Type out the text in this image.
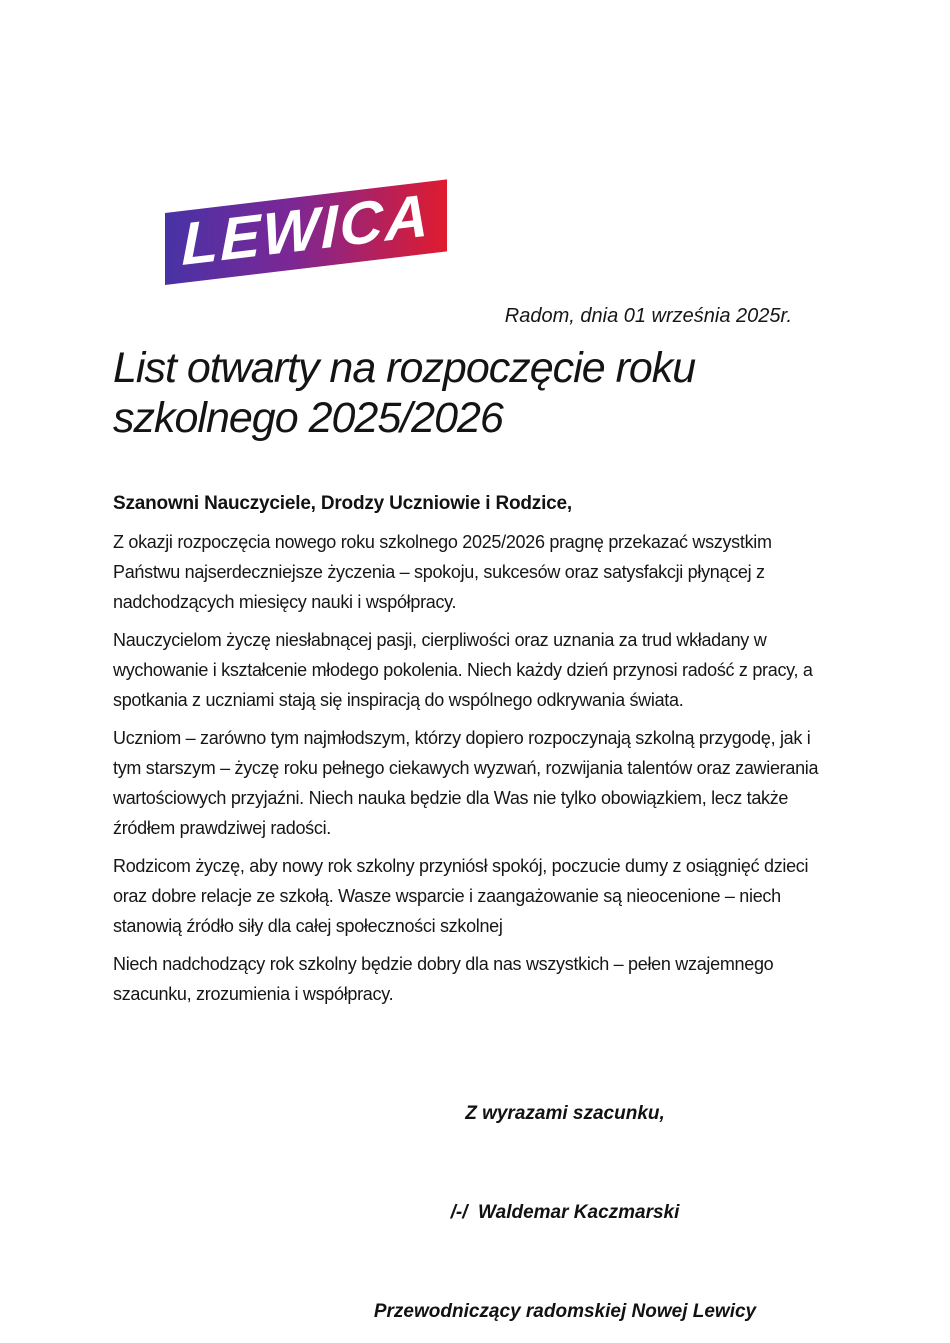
LEWICA
Radom, dnia 01 września 2025r.
List otwarty na rozpoczęcie roku szkolnego 2025/2026
Szanowni Nauczyciele, Drodzy Uczniowie i Rodzice,

Z okazji rozpoczęcia nowego roku szkolnego 2025/2026 pragnę przekazać wszystkim Państwu najserdeczniejsze życzenia – spokoju, sukcesów oraz satysfakcji płynącej z nadchodzących miesięcy nauki i współpracy.

Nauczycielom życzę niesłabnącej pasji, cierpliwości oraz uznania za trud wkładany w wychowanie i kształcenie młodego pokolenia. Niech każdy dzień przynosi radość z pracy, a spotkania z uczniami stają się inspiracją do wspólnego odkrywania świata.

Uczniom – zarówno tym najmłodszym, którzy dopiero rozpoczynają szkolną przygodę, jak i tym starszym – życzę roku pełnego ciekawych wyzwań, rozwijania talentów oraz zawierania wartościowych przyjaźni. Niech nauka będzie dla Was nie tylko obowiązkiem, lecz także źródłem prawdziwej radości.

Rodzicom życzę, aby nowy rok szkolny przyniósł spokój, poczucie dumy z osiągnięć dzieci oraz dobre relacje ze szkołą. Wasze wsparcie i zaangażowanie są nieocenione – niech stanowią źródło siły dla całej społeczności szkolnej

Niech nadchodzący rok szkolny będzie dobry dla nas wszystkich – pełen wzajemnego szacunku, zrozumienia i współpracy.

Z wyrazami szacunku,

/-/  Waldemar Kaczmarski

Przewodniczący radomskiej Nowej Lewicy
